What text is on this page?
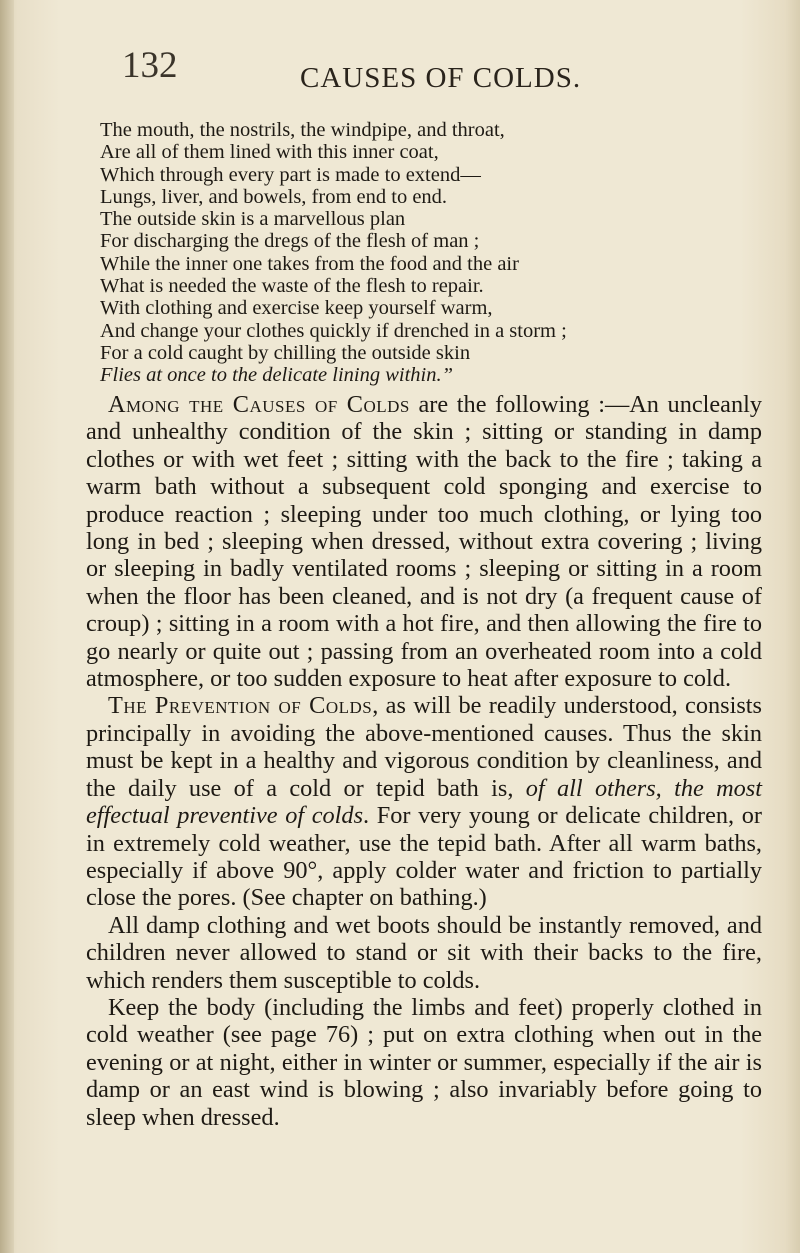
132	CAUSES OF COLDS.
The mouth, the nostrils, the windpipe, and throat,
Are all of them lined with this inner coat,
Which through every part is made to extend—
Lungs, liver, and bowels, from end to end.
The outside skin is a marvellous plan
For discharging the dregs of the flesh of man ;
While the inner one takes from the food and the air
What is needed the waste of the flesh to repair.
With clothing and exercise keep yourself warm,
And change your clothes quickly if drenched in a storm ;
For a cold caught by chilling the outside skin
Flies at once to the delicate lining within.”

Among the Causes of Colds are the following :—An uncleanly and unhealthy condition of the skin ; sitting or standing in damp clothes or with wet feet ; sitting with the back to the fire ; taking a warm bath without a subsequent cold sponging and exercise to produce reaction ; sleeping under too much clothing, or lying too long in bed ; sleeping when dressed, without extra covering ; living or sleeping in badly ventilated rooms ; sleeping or sitting in a room when the floor has been cleaned, and is not dry (a frequent cause of croup) ; sitting in a room with a hot fire, and then allowing the fire to go nearly or quite out ; passing from an overheated room into a cold atmosphere, or too sudden exposure to heat after exposure to cold.

The Prevention of Colds, as will be readily understood, consists principally in avoiding the above-mentioned causes. Thus the skin must be kept in a healthy and vigorous condition by cleanliness, and the daily use of a cold or tepid bath is, of all others, the most effectual preventive of colds. For very young or delicate children, or in extremely cold weather, use the tepid bath. After all warm baths, especially if above 90°, apply colder water and friction to partially close the pores. (See chapter on bathing.)

All damp clothing and wet boots should be instantly removed, and children never allowed to stand or sit with their backs to the fire, which renders them susceptible to colds.

Keep the body (including the limbs and feet) properly clothed in cold weather (see page 76) ; put on extra clothing when out in the evening or at night, either in winter or summer, especially if the air is damp or an east wind is blowing ; also invariably before going to sleep when dressed.
